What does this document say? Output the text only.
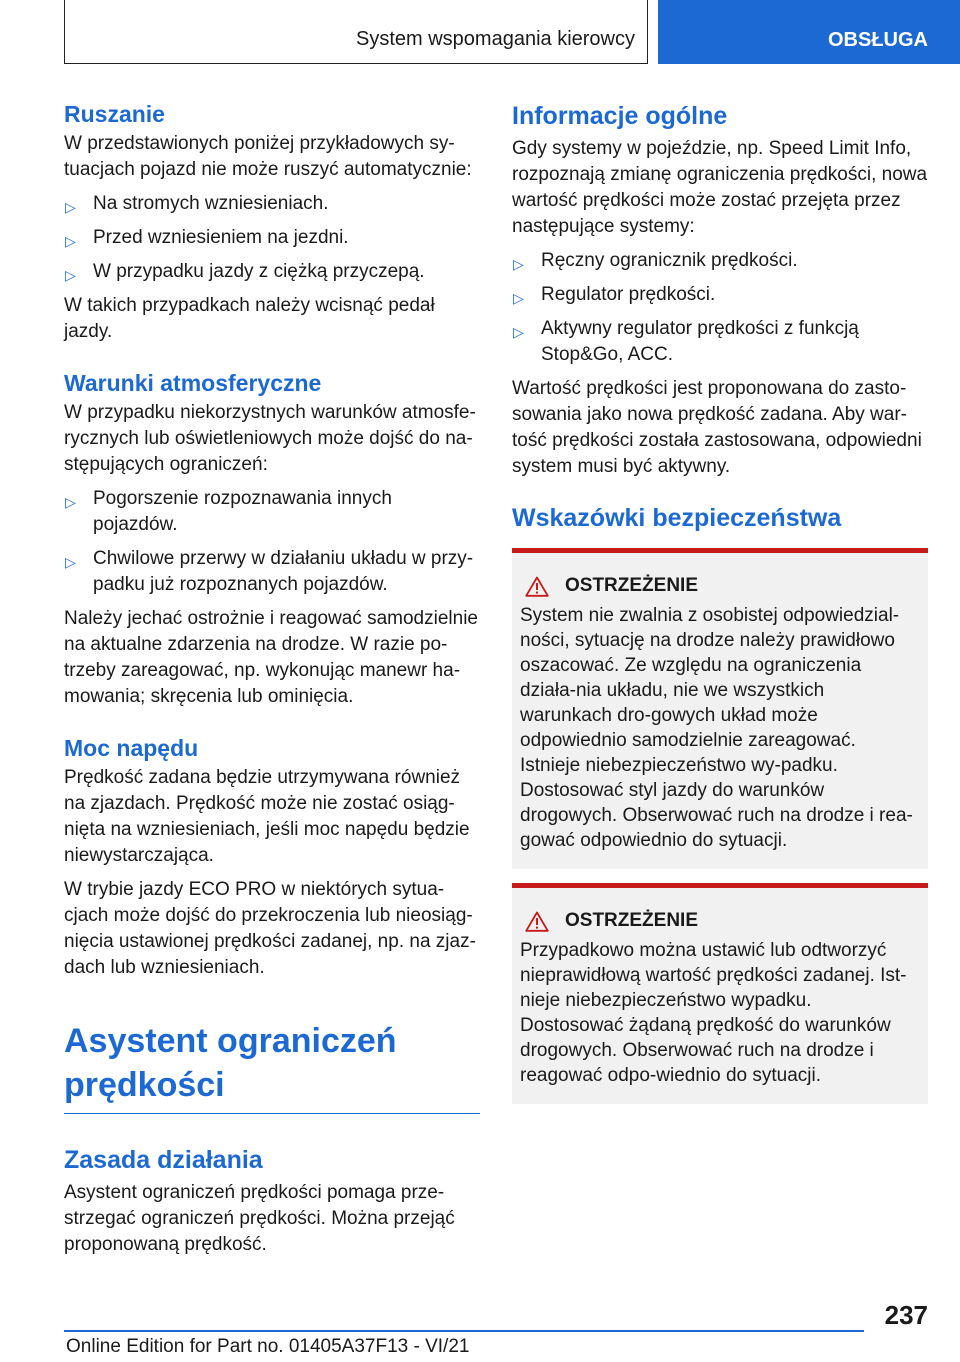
System wspomagania kierowcy	OBSŁUGA
Ruszanie

W przedstawionych poniżej przykładowych sy-tuacjach pojazd nie może ruszyć automatycznie:

▷ Na stromych wzniesieniach.
▷ Przed wzniesieniem na jezdni.
▷ W przypadku jazdy z ciężką przyczepą.

W takich przypadkach należy wcisnąć pedał jazdy.

Warunki atmosferyczne

W przypadku niekorzystnych warunków atmosfe-rycznych lub oświetleniowych może dojść do na-stępujących ograniczeń:

▷ Pogorszenie rozpoznawania innych pojazdów.
▷ Chwilowe przerwy w działaniu układu w przy-padku już rozpoznanych pojazdów.

Należy jechać ostrożnie i reagować samodzielnie na aktualne zdarzenia na drodze. W razie po-trzeby zareagować, np. wykonując manewr ha-mowania; skręcenia lub ominięcia.

Moc napędu

Prędkość zadana będzie utrzymywana również na zjazdach. Prędkość może nie zostać osiąg-nięta na wzniesieniach, jeśli moc napędu będzie niewystarczająca.

W trybie jazdy ECO PRO w niektórych sytua-cjach może dojść do przekroczenia lub nieosiąg-nięcia ustawionej prędkości zadanej, np. na zjaz-dach lub wzniesieniach.

Asystent ograniczeń prędkości
Zasada działania

Asystent ograniczeń prędkości pomaga prze-strzegać ograniczeń prędkości. Można przejąć proponowaną prędkość.

Informacje ogólne

Gdy systemy w pojeździe, np. Speed Limit Info, rozpoznają zmianę ograniczenia prędkości, nowa wartość prędkości może zostać przejęta przez następujące systemy:

▷ Ręczny ogranicznik prędkości.
▷ Regulator prędkości.
▷ Aktywny regulator prędkości z funkcją Stop&Go, ACC.

Wartość prędkości jest proponowana do zasto-sowania jako nowa prędkość zadana. Aby war-tość prędkości została zastosowana, odpowiedni system musi być aktywny.

Wskazówki bezpieczeństwa
OSTRZEŻENIE

System nie zwalnia z osobistej odpowiedzial-ności, sytuację na drodze należy prawidłowo oszacować. Ze względu na ograniczenia działa-nia układu, nie we wszystkich warunkach dro-gowych układ może odpowiednio samodzielnie zareagować. Istnieje niebezpieczeństwo wy-padku. Dostosować styl jazdy do warunków drogowych. Obserwować ruch na drodze i rea-gować odpowiednio do sytuacji.

OSTRZEŻENIE

Przypadkowo można ustawić lub odtworzyć nieprawidłową wartość prędkości zadanej. Ist-nieje niebezpieczeństwo wypadku. Dostosować żądaną prędkość do warunków drogowych. Obserwować ruch na drodze i reagować odpo-wiednio do sytuacji.

237
Online Edition for Part no. 01405A37F13 - VI/21
